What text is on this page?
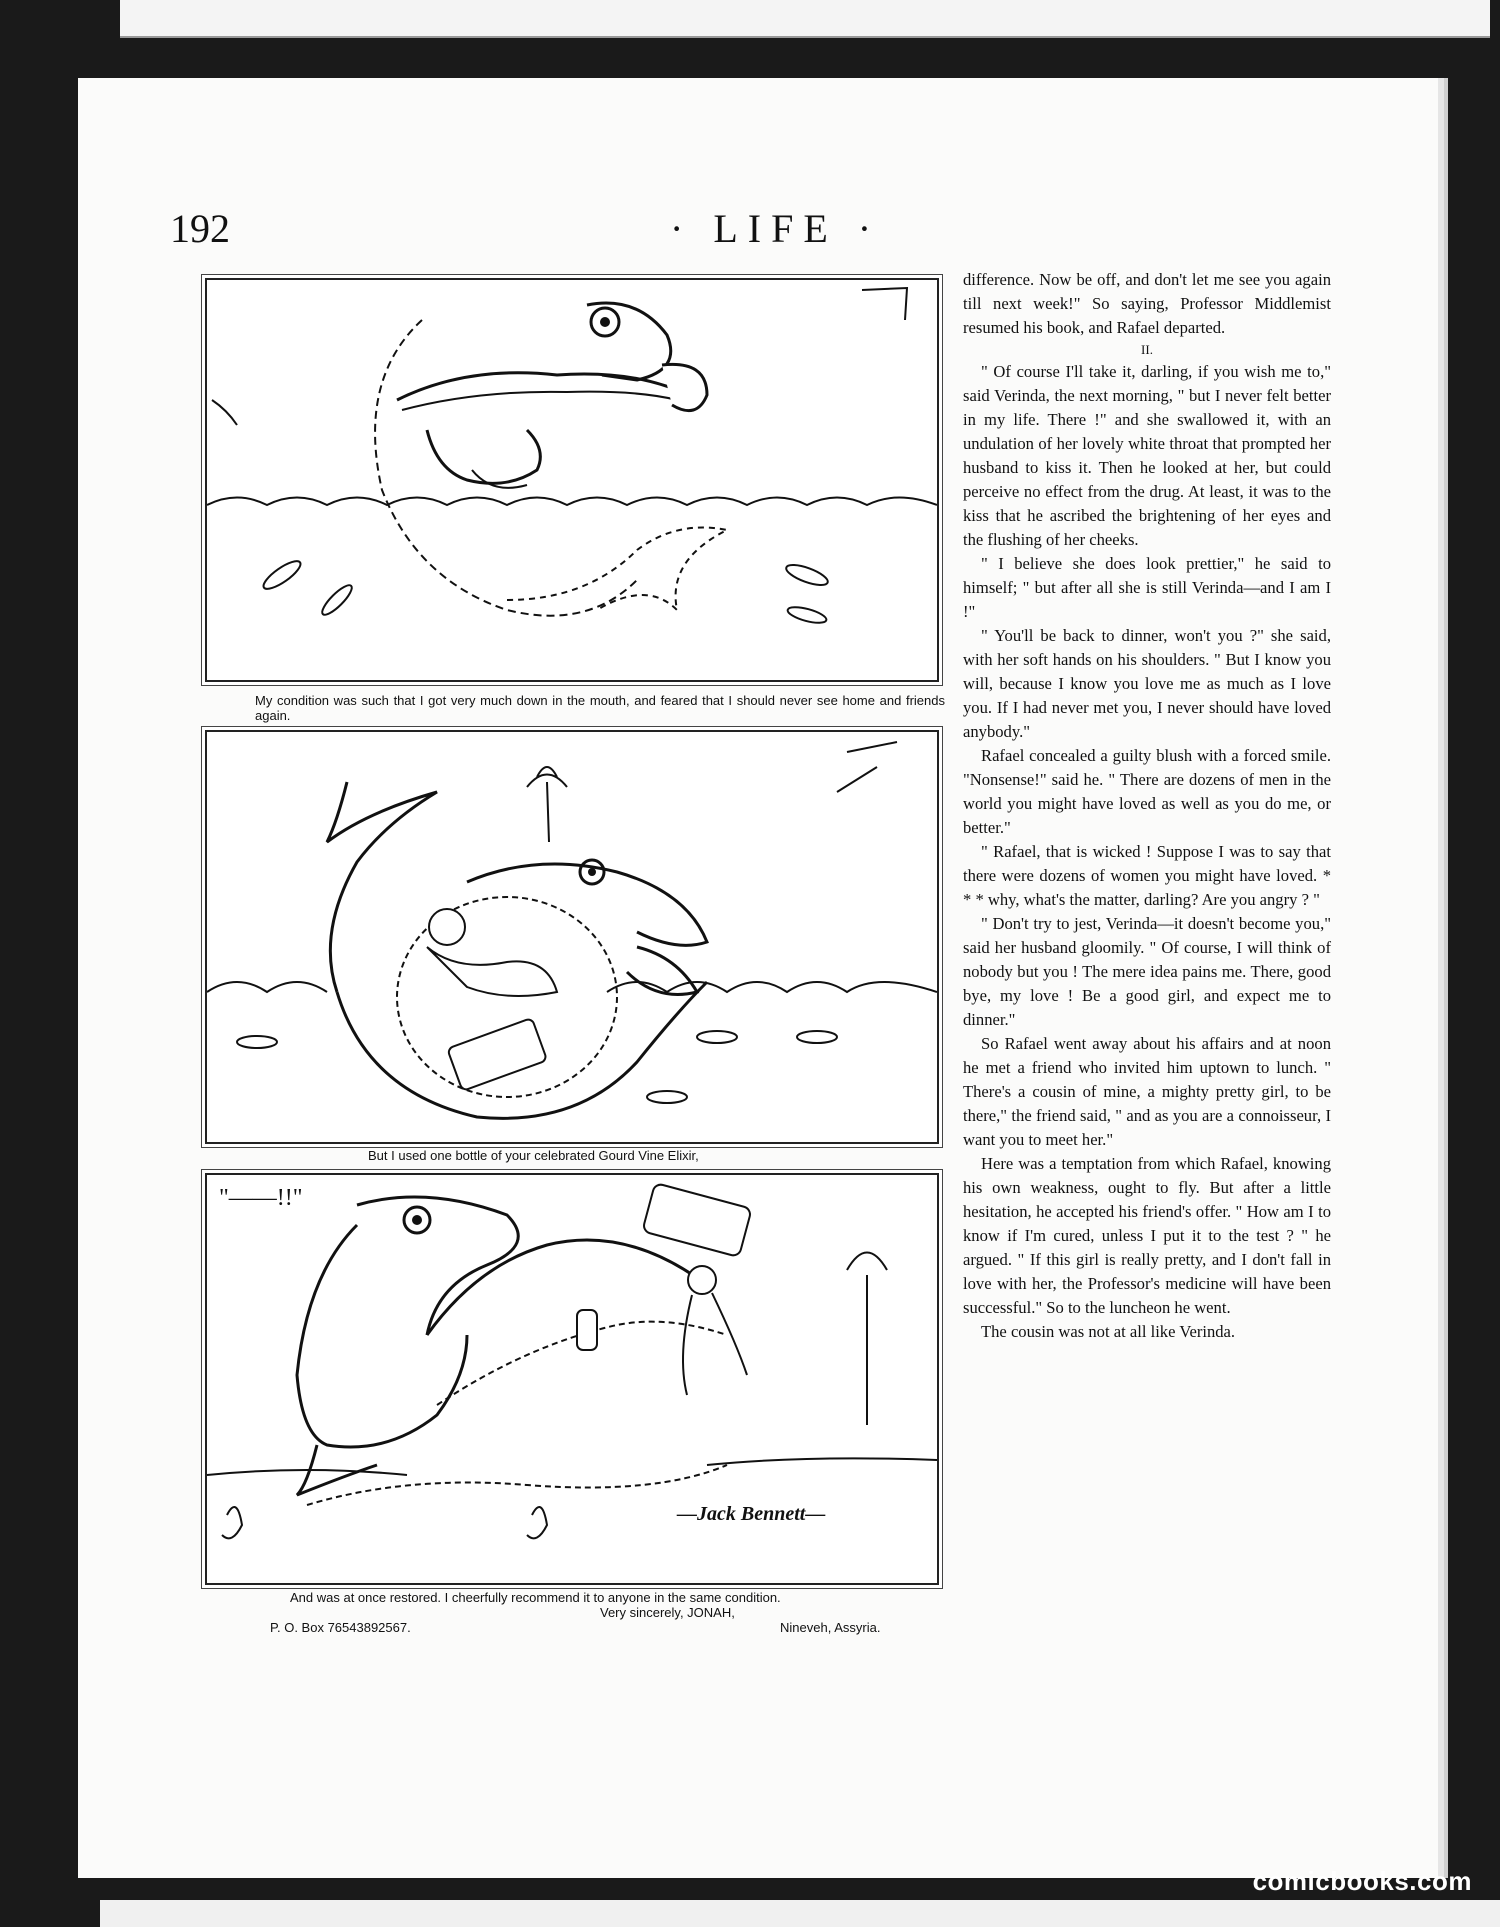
192	· LIFE ·

My condition was such that I got very much down in the mouth, and feared that I should never see home and friends again.

But I used one bottle of your celebrated Gourd Vine Elixir,

"——!!"
—Jack Bennett—

And was at once restored. I cheerfully recommend it to anyone in the same condition.

Very sincerely, JONAH,

P. O. Box 76543892567.	Nineveh, Assyria.

difference. Now be off, and don't let me see you again till next week!" So saying, Professor Middlemist resumed his book, and Rafael departed.

II.

" Of course I'll take it, darling, if you wish me to," said Verinda, the next morning, " but I never felt better in my life. There !" and she swallowed it, with an undulation of her lovely white throat that prompted her husband to kiss it. Then he looked at her, but could perceive no effect from the drug. At least, it was to the kiss that he ascribed the brightening of her eyes and the flushing of her cheeks.

" I believe she does look prettier," he said to himself; " but after all she is still Verinda—and I am I !"

" You'll be back to dinner, won't you ?" she said, with her soft hands on his shoulders. " But I know you will, because I know you love me as much as I love you. If I had never met you, I never should have loved anybody."

Rafael concealed a guilty blush with a forced smile. "Nonsense!" said he. " There are dozens of men in the world you might have loved as well as you do me, or better."

" Rafael, that is wicked ! Suppose I was to say that there were dozens of women you might have loved. * * * why, what's the matter, darling? Are you angry ? "

" Don't try to jest, Verinda—it doesn't become you," said her husband gloomily. " Of course, I will think of nobody but you ! The mere idea pains me. There, good bye, my love ! Be a good girl, and expect me to dinner."

So Rafael went away about his affairs and at noon he met a friend who invited him uptown to lunch. " There's a cousin of mine, a mighty pretty girl, to be there," the friend said, " and as you are a connoisseur, I want you to meet her."

Here was a temptation from which Rafael, knowing his own weakness, ought to fly. But after a little hesitation, he accepted his friend's offer. " How am I to know if I'm cured, unless I put it to the test ? " he argued. " If this girl is really pretty, and I don't fall in love with her, the Professor's medicine will have been successful." So to the luncheon he went.

The cousin was not at all like Verinda.

comicbooks.com
